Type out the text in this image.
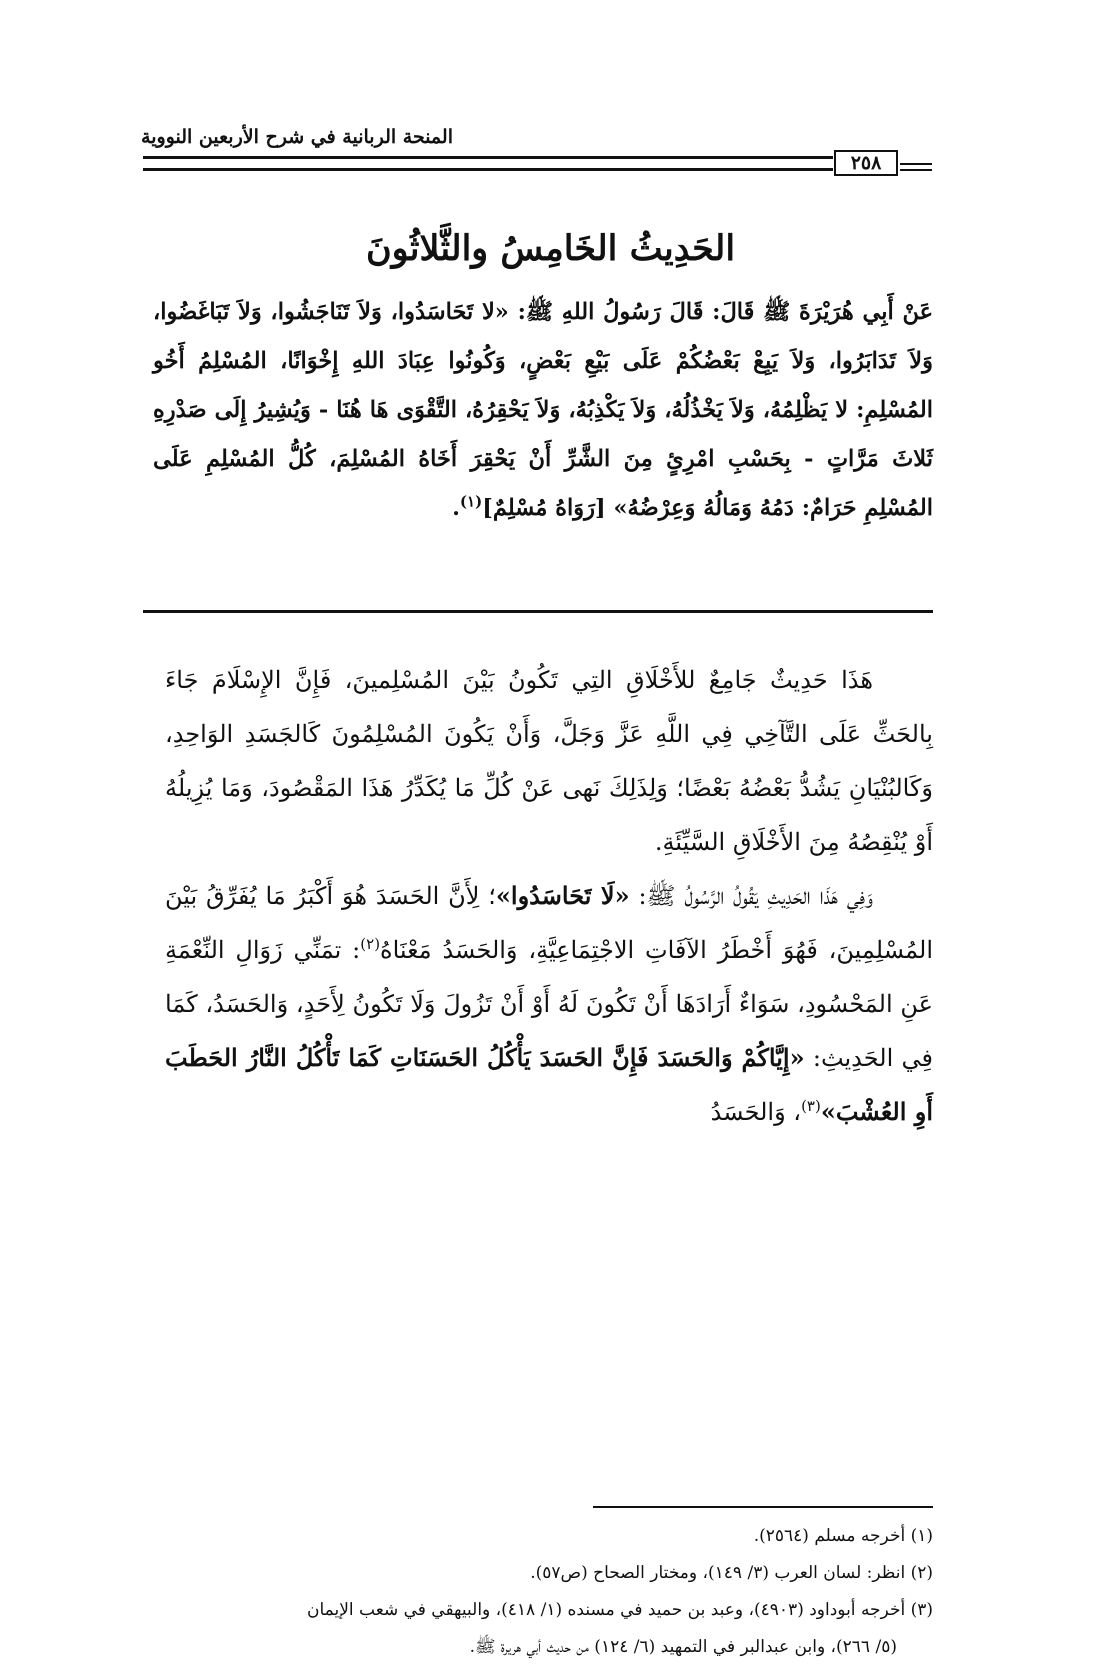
المنحة الربانية في شرح الأربعين النووية
٢٥٨
الحَدِيثُ الخَامِسُ والثَّلاثُونَ
عَنْ أَبِي هُرَيْرَةَ ﷺ قَالَ: قَالَ رَسُولُ اللهِ ﷺ: «لا تَحَاسَدُوا، وَلاَ تَنَاجَشُوا، وَلاَ تَبَاغَضُوا، وَلاَ تَدَابَرُوا، وَلاَ يَبِعْ بَعْضُكُمْ عَلَى بَيْعِ بَعْضٍ، وَكُونُوا عِبَادَ اللهِ إِخْوَانًا، المُسْلِمُ أَخُو المُسْلِمِ: لا يَظْلِمُهُ، وَلاَ يَخْذُلُهُ، وَلاَ يَكْذِبُهُ، وَلاَ يَحْقِرُهُ، التَّقْوَى هَا هُنَا - وَيُشِيرُ إِلَى صَدْرِهِ ثَلاثَ مَرَّاتٍ - بِحَسْبِ امْرِئٍ مِنَ الشَّرِّ أَنْ يَحْقِرَ أَخَاهُ المُسْلِمَ، كُلُّ المُسْلِمِ عَلَى المُسْلِمِ حَرَامٌ: دَمُهُ وَمَالُهُ وَعِرْضُهُ» [رَوَاهُ مُسْلِمٌ]$^{(١)}$.

هَذَا حَدِيثٌ جَامِعٌ للأَخْلَاقِ التِي تَكُونُ بَيْنَ المُسْلِمينَ، فَإِنَّ الإِسْلَامَ جَاءَ بِالحَثِّ عَلَى التَّآخِي فِي اللَّهِ عَزَّ وَجَلَّ، وَأَنْ يَكُونَ المُسْلِمُونَ كَالجَسَدِ الوَاحِدِ، وَكَالبُنْيَانِ يَشُدُّ بَعْضُهُ بَعْضًا؛ وَلِذَلِكَ نَهى عَنْ كُلِّ مَا يُكَدِّرُ هَذَا المَقْصُودَ، وَمَا يُزِيلُهُ أَوْ يُنْقِصُهُ مِنَ الأَخْلَاقِ السَّيِّئَةِ.

وَفِي هَذَا الحَدِيثِ يَقُولُ الرَّسُولُ ﷺ: «لَا تَحَاسَدُوا»؛ لِأَنَّ الحَسَدَ هُوَ أَكْبَرُ مَا يُفَرِّقُ بَيْنَ المُسْلِمِينَ، فَهُوَ أَخْطَرُ الآفَاتِ الاجْتِمَاعِيَّةِ، وَالحَسَدُ مَعْنَاهُ$^{(٢)}$: تمَنِّي زَوَالِ النِّعْمَةِ عَنِ المَحْسُودِ، سَوَاءٌ أَرَادَهَا أَنْ تَكُونَ لَهُ أَوْ أَنْ تَزُولَ وَلَا تَكُونُ لِأَحَدٍ، وَالحَسَدُ، كَمَا فِي الحَدِيثِ: «إِيَّاكُمْ وَالحَسَدَ فَإِنَّ الحَسَدَ يَأْكُلُ الحَسَنَاتِ كَمَا تَأْكُلُ النَّارُ الحَطَبَ أَوِ العُشْبَ»$^{(٣)}$، وَالحَسَدُ

(١) أخرجه مسلم (٢٥٦٤).
(٢) انظر: لسان العرب (٣/ ١٤٩)، ومختار الصحاح (ص٥٧).
(٣) أخرجه أبوداود (٤٩٠٣)، وعبد بن حميد في مسنده (١/ ٤١٨)، والبيهقي في شعب الإيمان
(٥/ ٢٦٦)، وابن عبدالبر في التمهيد (٦/ ١٢٤) من حديث أبي هريرة ﷺ.
